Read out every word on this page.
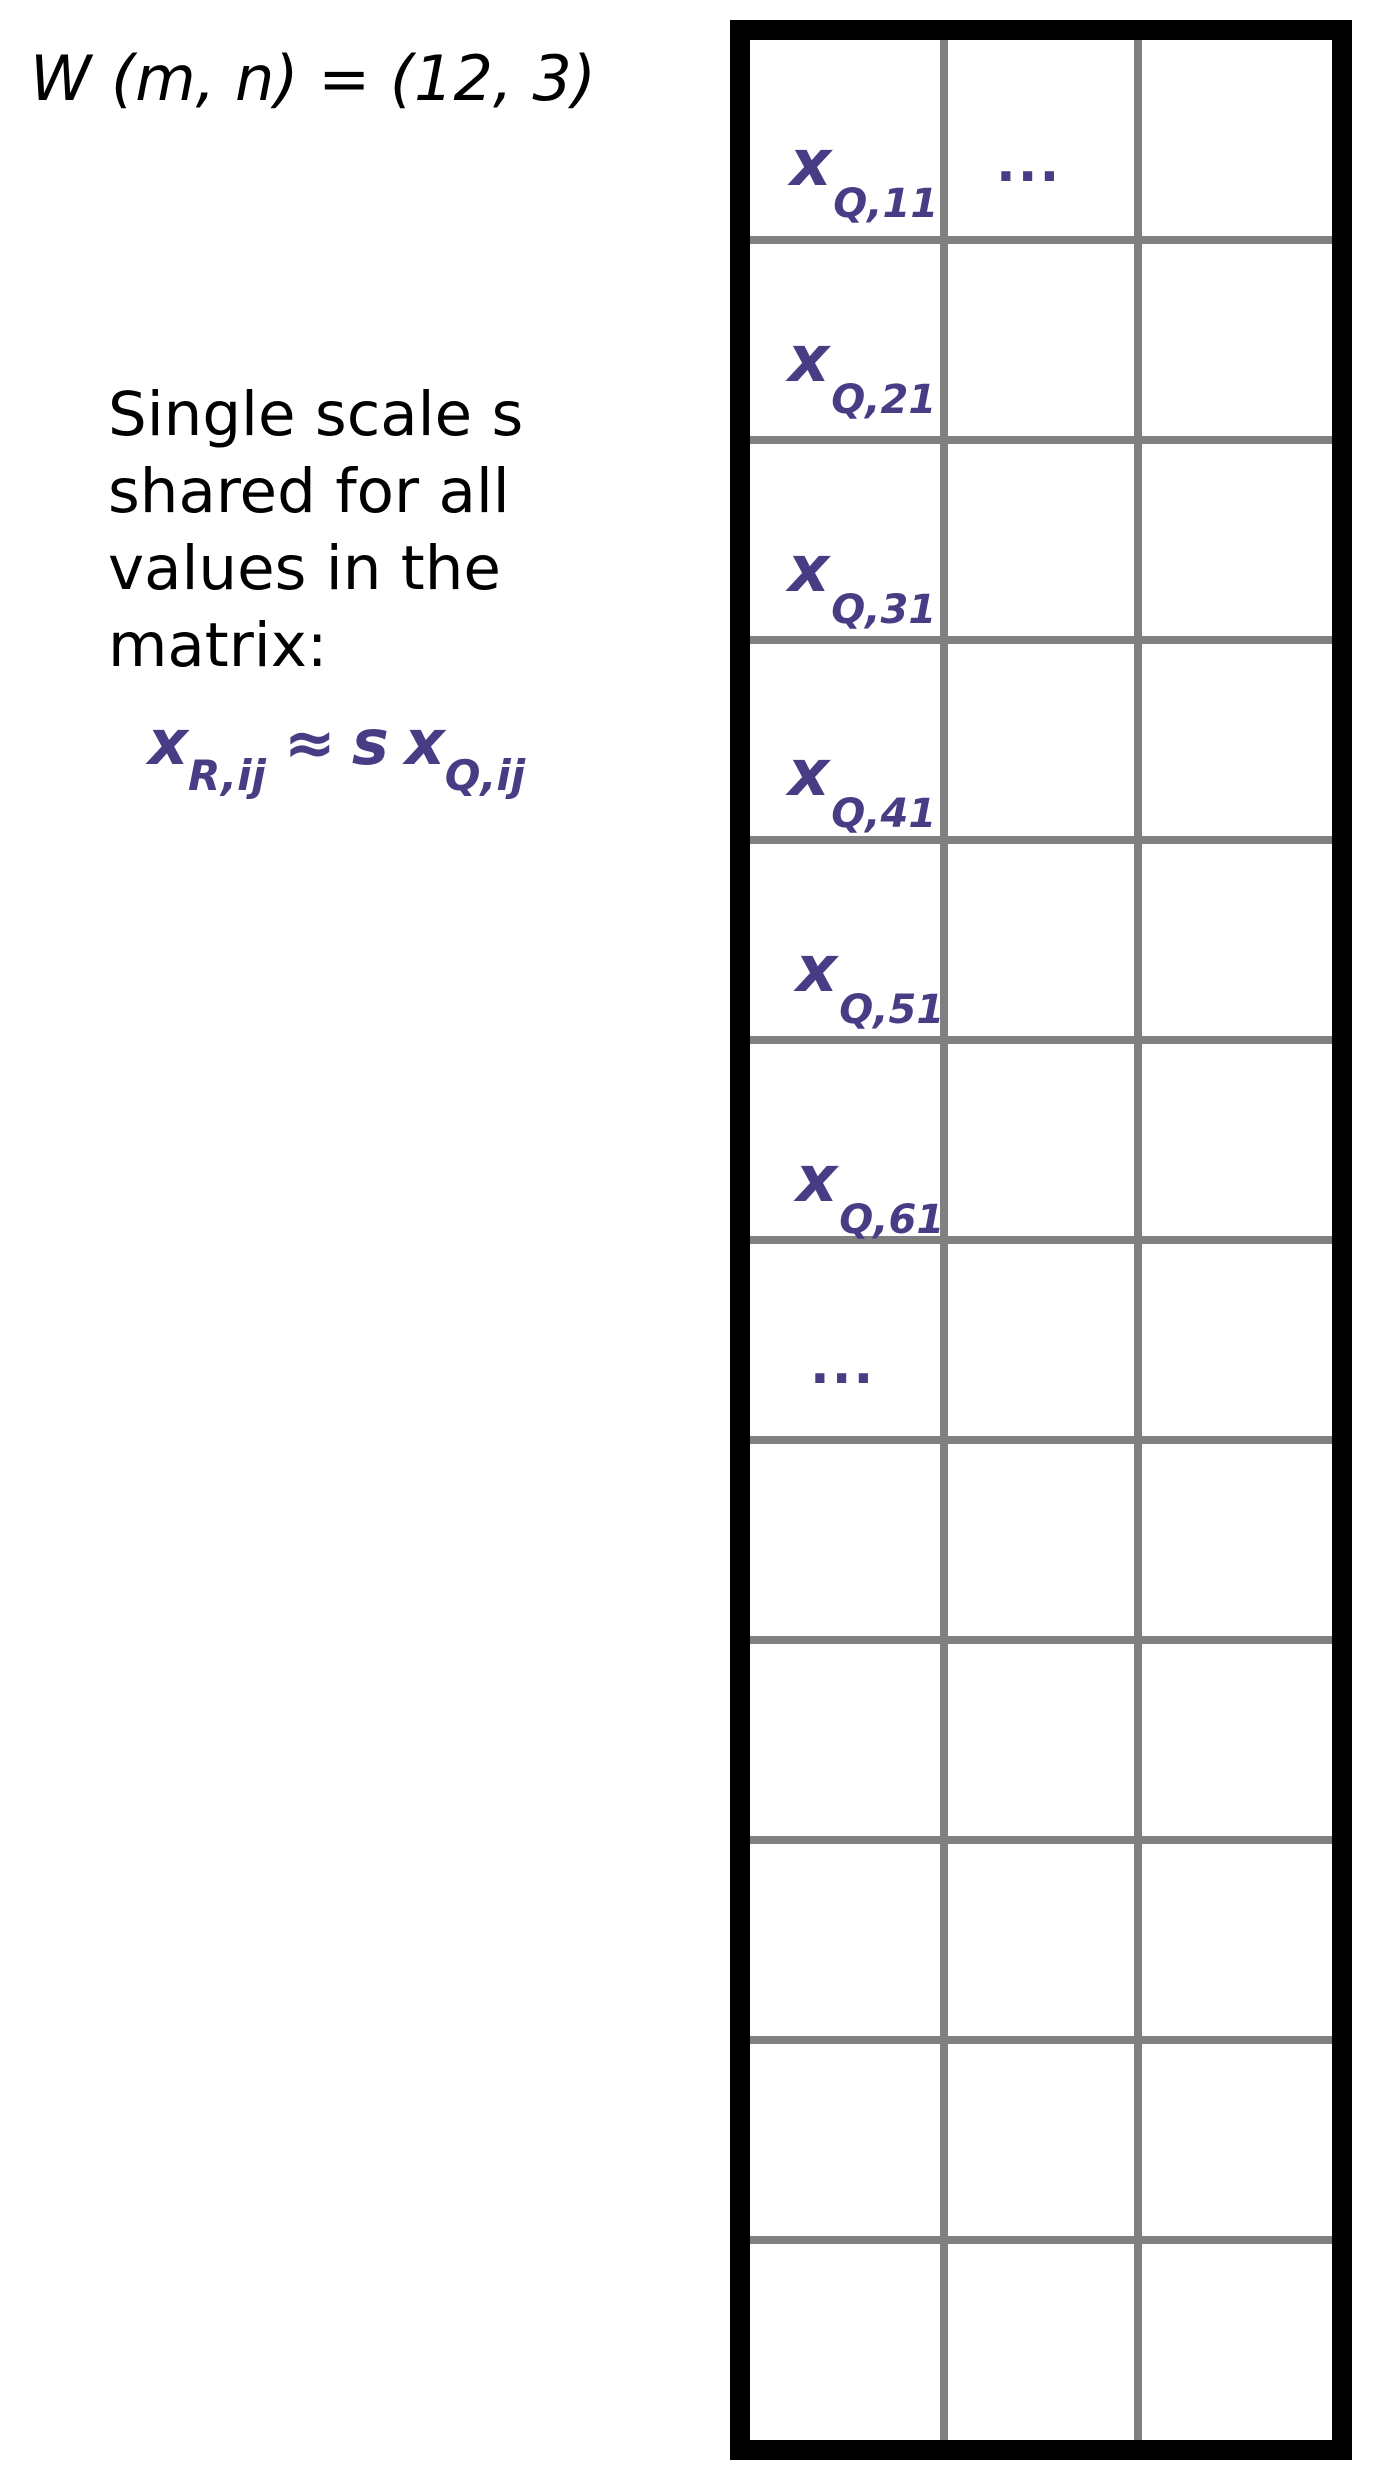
W (m, n) = (12, 3)
Single scale s
shared for all
values in the
matrix:
$x_{R,ij} \approx s$ $x_{Q,ij}$
xQ,11
xQ,21
xQ,31
xQ,41
xQ,51
xQ,61
...
...
